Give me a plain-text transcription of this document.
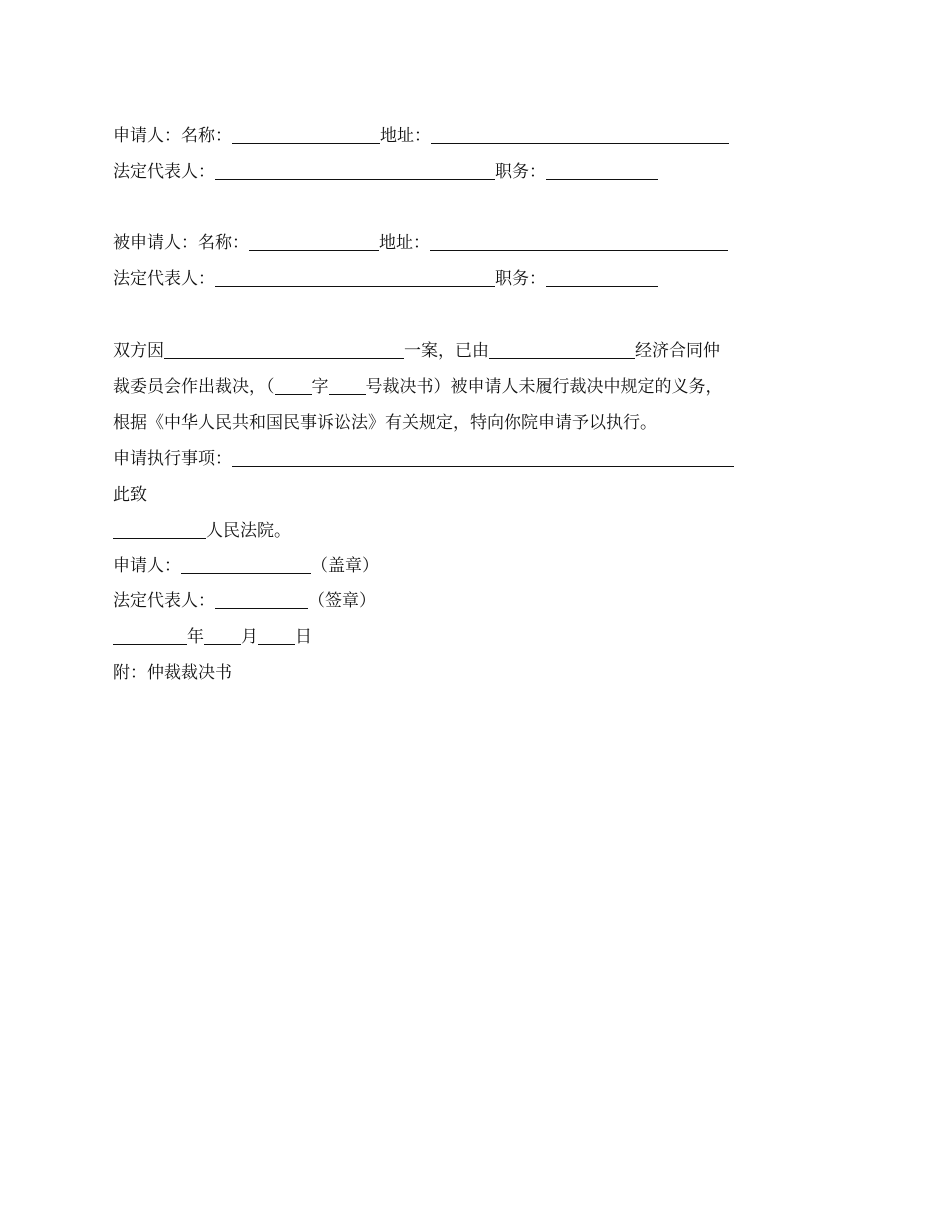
申请人： 名称：	地址：
法定代表人：	职务：
被申请人： 名称：	地址：
法定代表人：	职务：
双方因	一案，已由	经济合同仲
裁委员会作出裁决，（ 字 号裁决书）被申请人未履行裁决中规定的义务，
根据《中华人民共和国民事诉讼法》有关规定，特向你院申请予以执行。
申请执行事项：
此致
人民法院。
申请人：	（盖章）
法定代表人：	（签章）
年 月 日
附：仲裁裁决书
